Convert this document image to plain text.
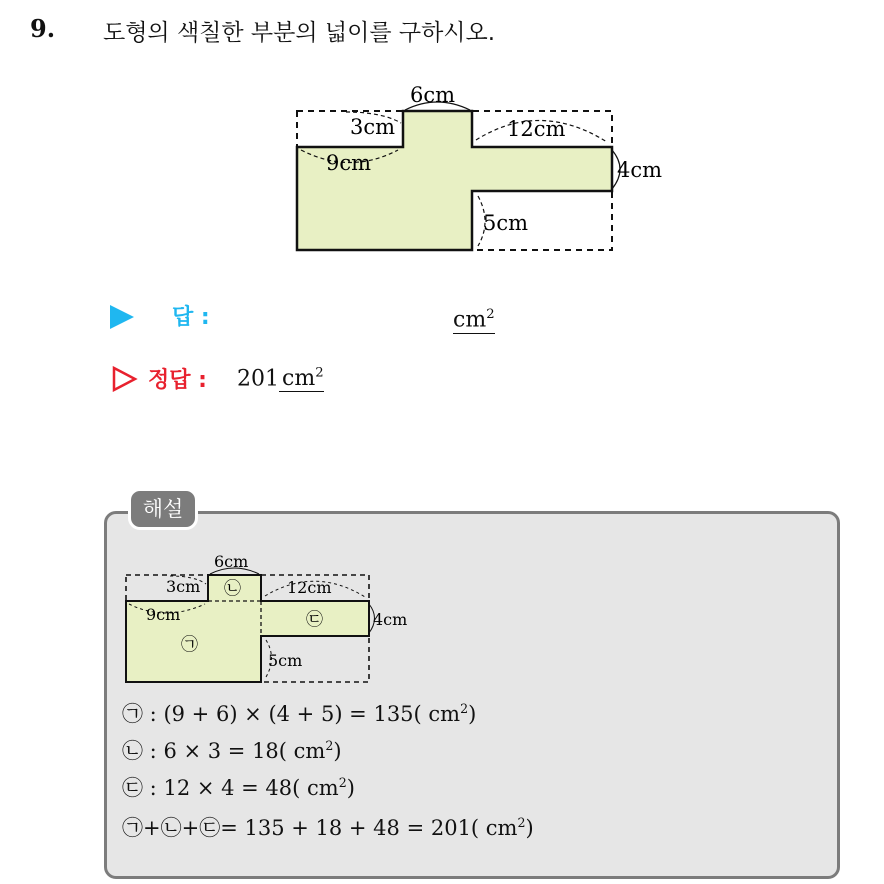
9. 도형의 색칠한 부분의 넓이를 구하시오.
6cm
3cm	12cm
9cm	4cm
5cm
답 :	$cm^2$
정답 : 201 $cm^2$
해설
6cm
3cm	12cm
9cm	4cm
5cm
㉠
㉡
㉢
㉠ : (9 + 6) × (4 + 5) = 135( $cm^2$)
㉡ : 6 × 3 = 18( $cm^2$)
㉢ : 12 × 4 = 48( $cm^2$)
㉠+㉡+㉢= 135 + 18 + 48 = 201( $cm^2$)
